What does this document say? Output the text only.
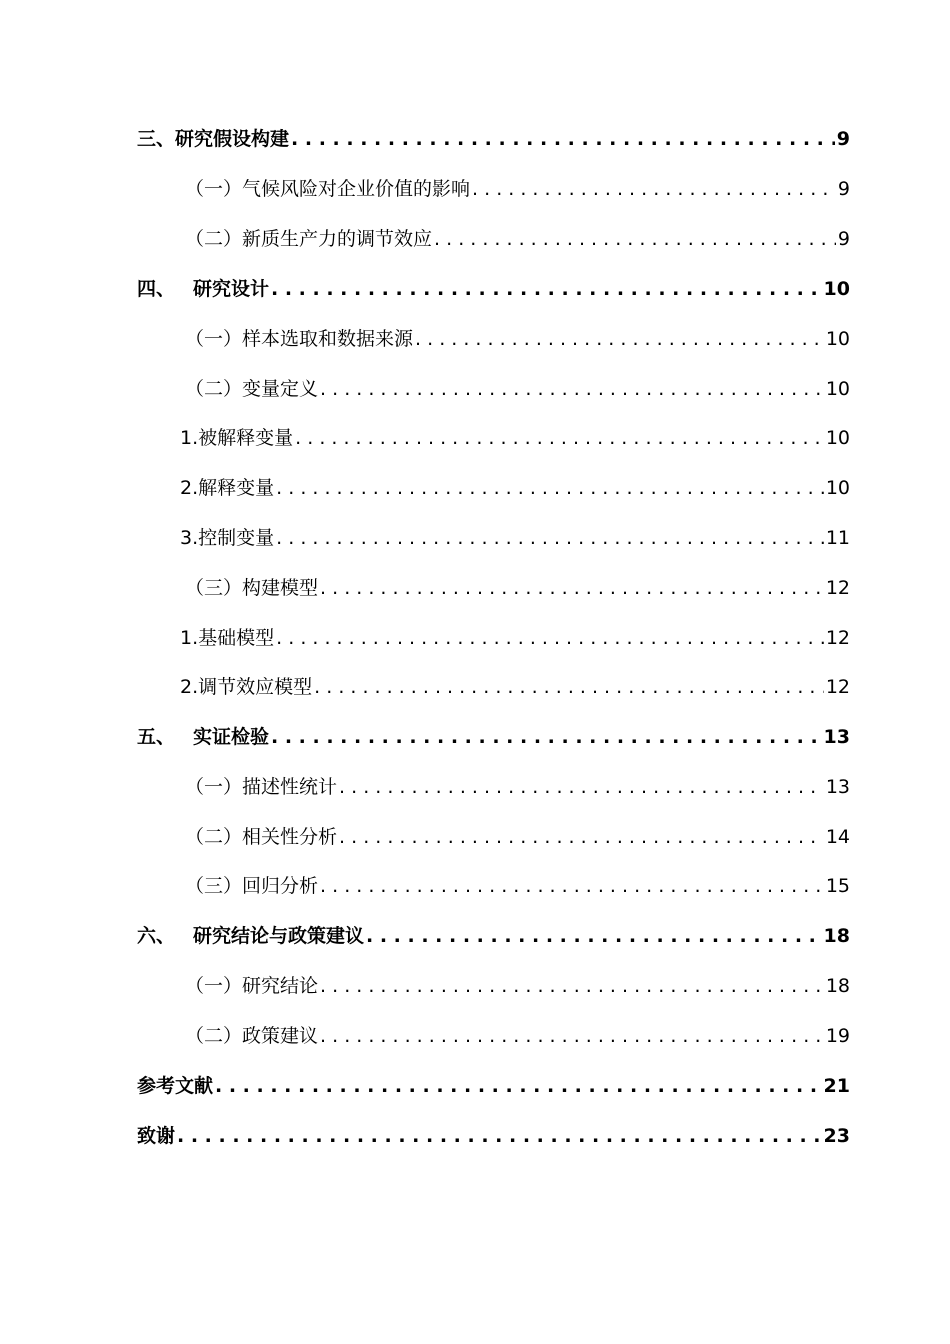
三、 研究假设构建 . . .	9
（一） 气候风险对企业价值的影响 . . .	9
（二） 新质生产力的调节效应 . . .	9
四、 研究设计 . . .	10
（一） 样本选取和数据来源 . . .	10
（二） 变量定义 . . .	10
1. 被解释变量 . . .	10
2. 解释变量 . . .	10
3. 控制变量 . . .	11
（三） 构建模型 . . .	12
1. 基础模型 . . .	12
2. 调节效应模型 . . .	12
五、 实证检验 . . .	13
（一） 描述性统计 . . .	13
（二） 相关性分析 . . .	14
（三） 回归分析 . . .	15
六、 研究结论与政策建议 . . .	18
（一） 研究结论 . . .	18
（二） 政策建议 . . .	19
参考文献 . . .	21
致谢 . . .	23
